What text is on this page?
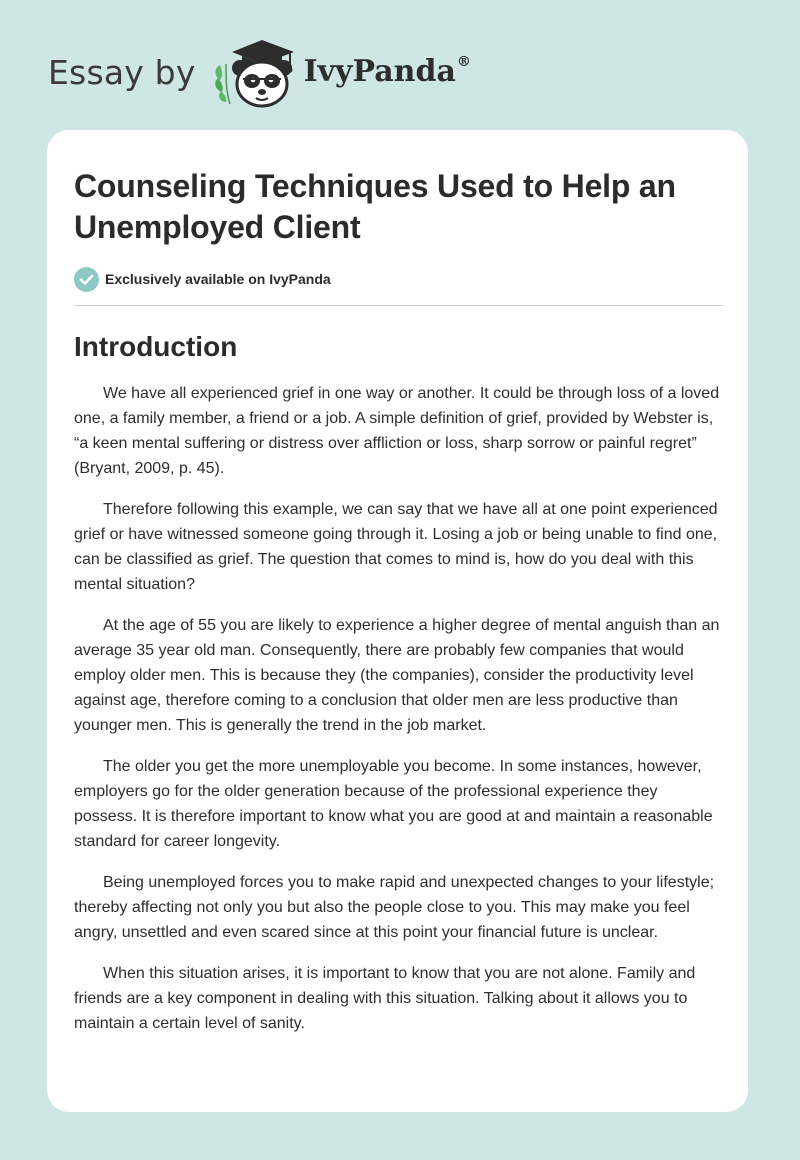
Essay by	IvyPanda®
Counseling Techniques Used to Help an Unemployed Client
Exclusively available on IvyPanda
Introduction

We have all experienced grief in one way or another. It could be through loss of a loved one, a family member, a friend or a job. A simple definition of grief, provided by Webster is, “a keen mental suffering or distress over affliction or loss, sharp sorrow or painful regret” (Bryant, 2009, p. 45).

Therefore following this example, we can say that we have all at one point experienced grief or have witnessed someone going through it. Losing a job or being unable to find one, can be classified as grief. The question that comes to mind is, how do you deal with this mental situation?

At the age of 55 you are likely to experience a higher degree of mental anguish than an average 35 year old man. Consequently, there are probably few companies that would employ older men. This is because they (the companies), consider the productivity level against age, therefore coming to a conclusion that older men are less productive than younger men. This is generally the trend in the job market.

The older you get the more unemployable you become. In some instances, however, employers go for the older generation because of the professional experience they possess. It is therefore important to know what you are good at and maintain a reasonable standard for career longevity.

Being unemployed forces you to make rapid and unexpected changes to your lifestyle; thereby affecting not only you but also the people close to you. This may make you feel angry, unsettled and even scared since at this point your financial future is unclear.

When this situation arises, it is important to know that you are not alone. Family and friends are a key component in dealing with this situation. Talking about it allows you to maintain a certain level of sanity.
